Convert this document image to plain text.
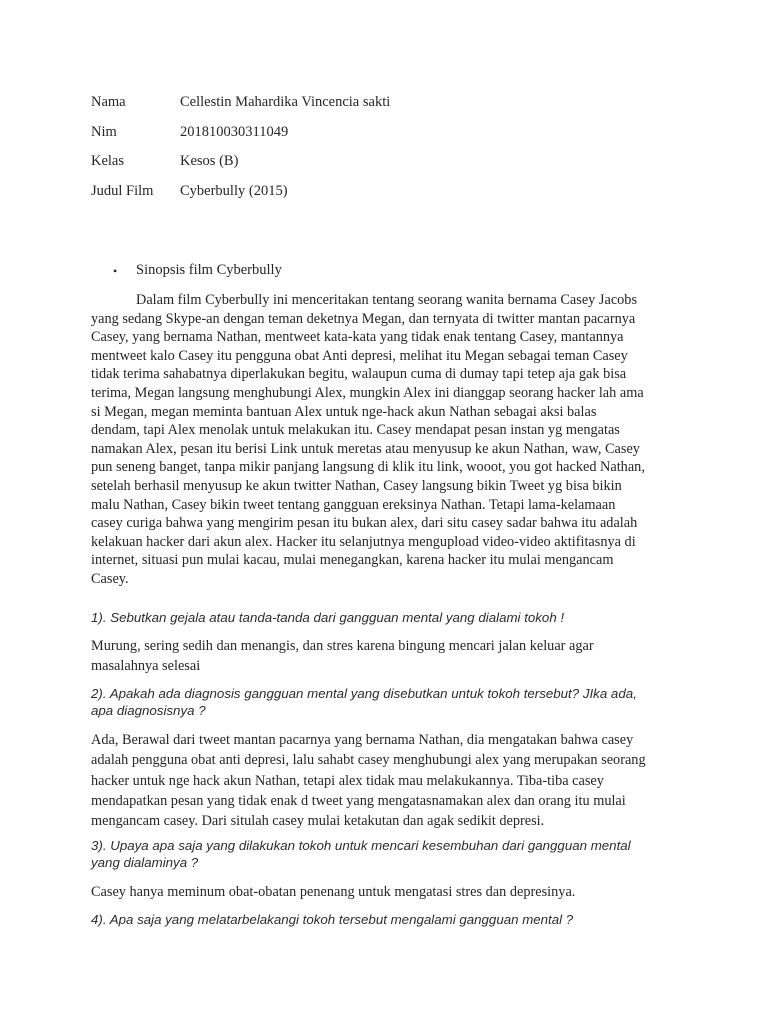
Nama	Cellestin Mahardika Vincencia sakti
Nim	201810030311049
Kelas	Kesos (B)
Judul Film	Cyberbully (2015)
•	Sinopsis film Cyberbully
Dalam film Cyberbully ini menceritakan tentang seorang wanita bernama Casey Jacobs
yang sedang Skype-an dengan teman deketnya Megan, dan ternyata di twitter mantan pacarnya
Casey, yang bernama Nathan, mentweet kata-kata yang tidak enak tentang Casey, mantannya
mentweet kalo Casey itu pengguna obat Anti depresi, melihat itu Megan sebagai teman Casey
tidak terima sahabatnya diperlakukan begitu, walaupun cuma di dumay tapi tetep aja gak bisa
terima, Megan langsung menghubungi Alex, mungkin Alex ini dianggap seorang hacker lah ama
si Megan, megan meminta bantuan Alex untuk nge-hack akun Nathan sebagai aksi balas
dendam, tapi Alex menolak untuk melakukan itu. Casey mendapat pesan instan yg mengatas
namakan Alex, pesan itu berisi Link untuk meretas atau menyusup ke akun Nathan, waw, Casey
pun seneng banget, tanpa mikir panjang langsung di klik itu link, wooot, you got hacked Nathan,
setelah berhasil menyusup ke akun twitter Nathan, Casey langsung bikin Tweet yg bisa bikin
malu Nathan, Casey bikin tweet tentang gangguan ereksinya Nathan. Tetapi lama-kelamaan
casey curiga bahwa yang mengirim pesan itu bukan alex, dari situ casey sadar bahwa itu adalah
kelakuan hacker dari akun alex. Hacker itu selanjutnya mengupload video-video aktifitasnya di
internet, situasi pun mulai kacau, mulai menegangkan, karena hacker itu mulai mengancam
Casey.
1). Sebutkan gejala atau tanda-tanda dari gangguan mental yang dialami tokoh !
Murung, sering sedih dan menangis, dan stres karena bingung mencari jalan keluar agar
masalahnya selesai
2). Apakah ada diagnosis gangguan mental yang disebutkan untuk tokoh tersebut? JIka ada,
apa diagnosisnya ?
Ada, Berawal dari tweet mantan pacarnya yang bernama Nathan, dia mengatakan bahwa casey
adalah pengguna obat anti depresi, lalu sahabt casey menghubungi alex yang merupakan seorang
hacker untuk nge hack akun Nathan, tetapi alex tidak mau melakukannya. Tiba-tiba casey
mendapatkan pesan yang tidak enak d tweet yang mengatasnamakan alex dan orang itu mulai
mengancam casey. Dari situlah casey mulai ketakutan dan agak sedikit depresi.
3). Upaya apa saja yang dilakukan tokoh untuk mencari kesembuhan dari gangguan mental
yang dialaminya ?
Casey hanya meminum obat-obatan penenang untuk mengatasi stres dan depresinya.
4). Apa saja yang melatarbelakangi tokoh tersebut mengalami gangguan mental ?
